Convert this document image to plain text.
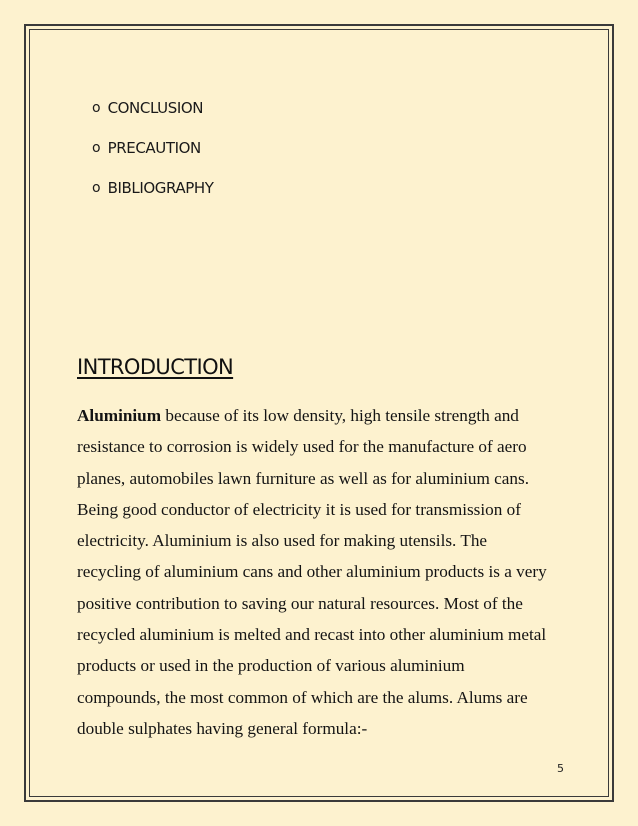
o CONCLUSION
o PRECAUTION
o BIBLIOGRAPHY
INTRODUCTION
Aluminium because of its low density, high tensile strength and
resistance to corrosion is widely used for the manufacture of aero
planes, automobiles lawn furniture as well as for aluminium cans.
Being good conductor of electricity it is used for transmission of
electricity. Aluminium is also used for making utensils. The
recycling of aluminium cans and other aluminium products is a very
positive contribution to saving our natural resources. Most of the
recycled aluminium is melted and recast into other aluminium metal
products or used in the production of various aluminium
compounds, the most common of which are the alums. Alums are
double sulphates having general formula:-
5
